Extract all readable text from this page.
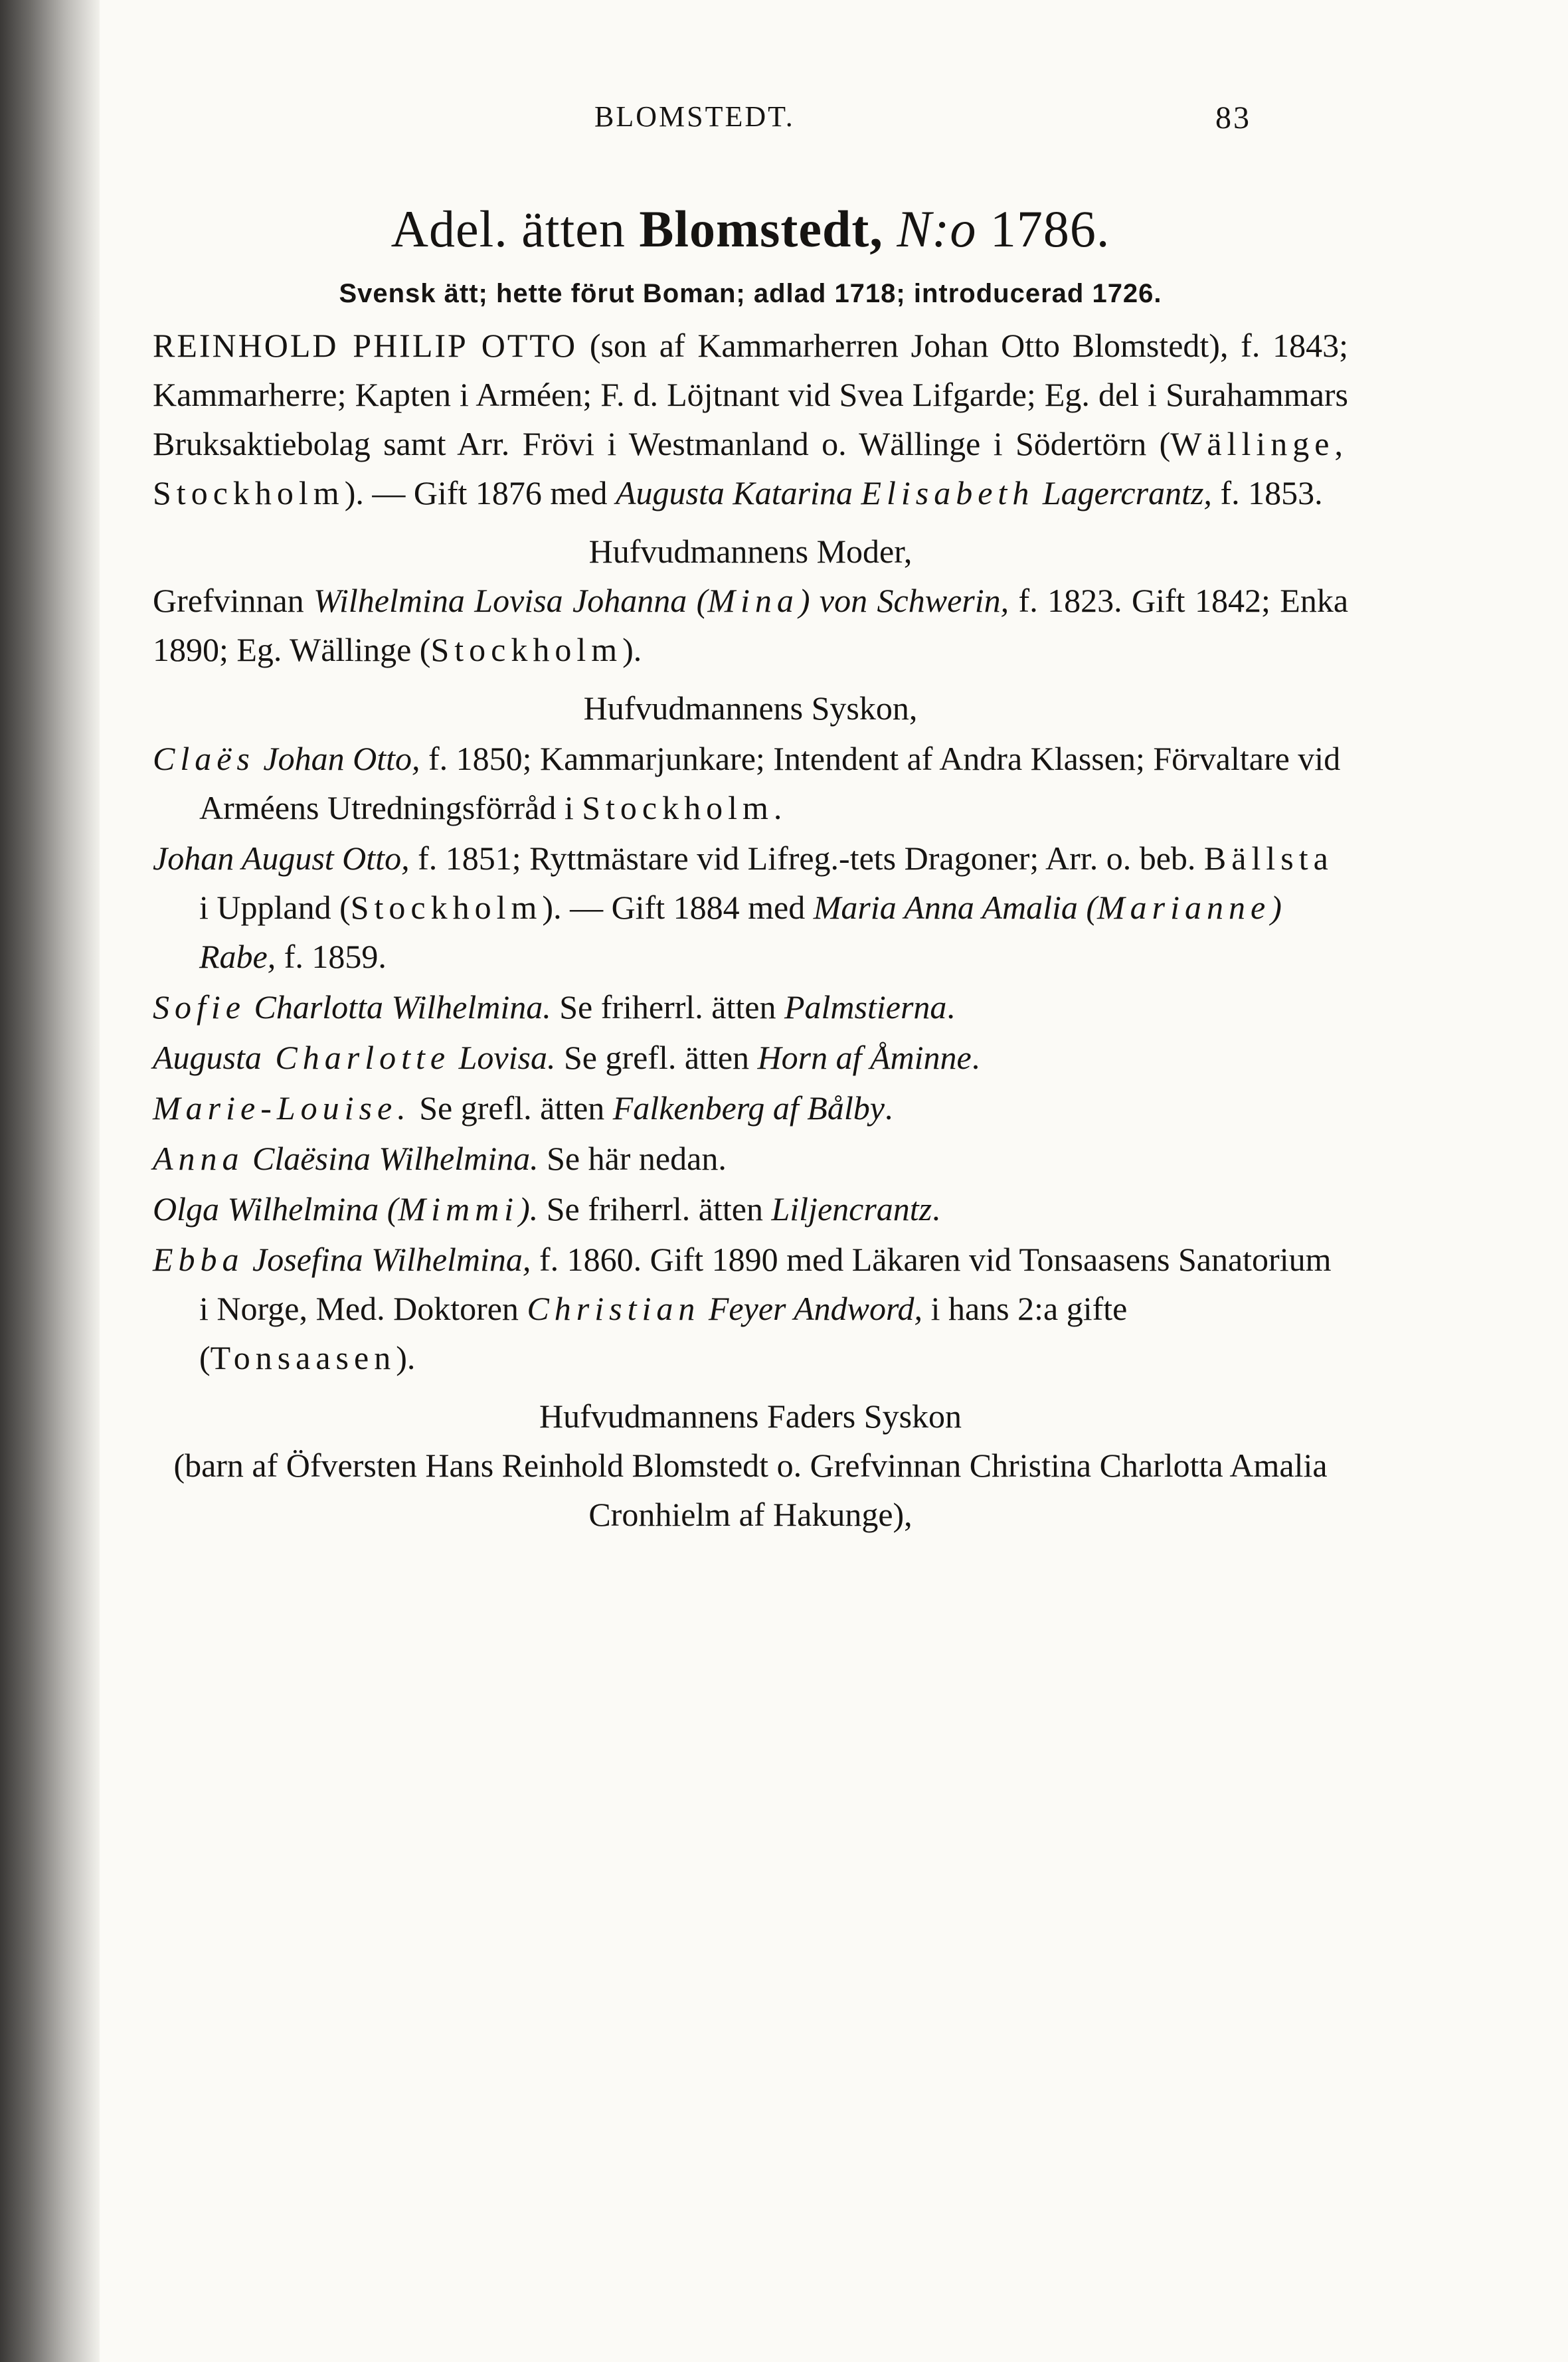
BLOMSTEDT.	83
Adel. ätten Blomstedt, N:o 1786.
Svensk ätt; hette förut Boman; adlad 1718; introducerad 1726.
REINHOLD PHILIP OTTO (son af Kammarherren Johan Otto Blomstedt), f. 1843; Kammarherre; Kapten i Arméen; F. d. Löjtnant vid Svea Lifgarde; Eg. del i Surahammars Bruksaktiebolag samt Arr. Frövi i Westmanland o. Wällinge i Södertörn (Wällinge, Stockholm). — Gift 1876 med Augusta Katarina Elisabeth Lagercrantz, f. 1853.
Hufvudmannens Moder,
Grefvinnan Wilhelmina Lovisa Johanna (Mina) von Schwerin, f. 1823. Gift 1842; Enka 1890; Eg. Wällinge (Stockholm).
Hufvudmannens Syskon,
Claës Johan Otto, f. 1850; Kammarjunkare; Intendent af Andra Klassen; Förvaltare vid Arméens Utredningsförråd i Stockholm.
Johan August Otto, f. 1851; Ryttmästare vid Lifreg.-tets Dragoner; Arr. o. beb. Bällsta i Uppland (Stockholm). — Gift 1884 med Maria Anna Amalia (Marianne) Rabe, f. 1859.
Sofie Charlotta Wilhelmina. Se friherrl. ätten Palmstierna.
Augusta Charlotte Lovisa. Se grefl. ätten Horn af Åminne.
Marie-Louise. Se grefl. ätten Falkenberg af Bålby.
Anna Claësina Wilhelmina. Se här nedan.
Olga Wilhelmina (Mimmi). Se friherrl. ätten Liljencrantz.
Ebba Josefina Wilhelmina, f. 1860. Gift 1890 med Läkaren vid Tonsaasens Sanatorium i Norge, Med. Doktoren Christian Feyer Andword, i hans 2:a gifte (Tonsaasen).
Hufvudmannens Faders Syskon
(barn af Öfversten Hans Reinhold Blomstedt o. Grefvinnan Christina Charlotta Amalia Cronhielm af Hakunge),
